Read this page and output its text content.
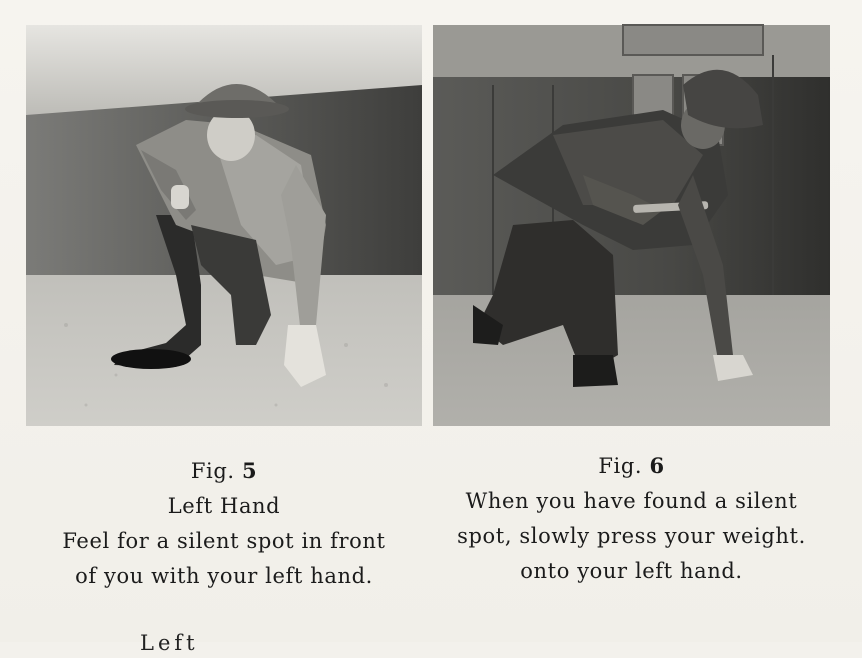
Fig. 5
Left Hand
Feel for a silent spot in front
of you with your left hand.
Fig. 6
When you have found a silent
spot, slowly press your weight.
onto your left hand.
Left
